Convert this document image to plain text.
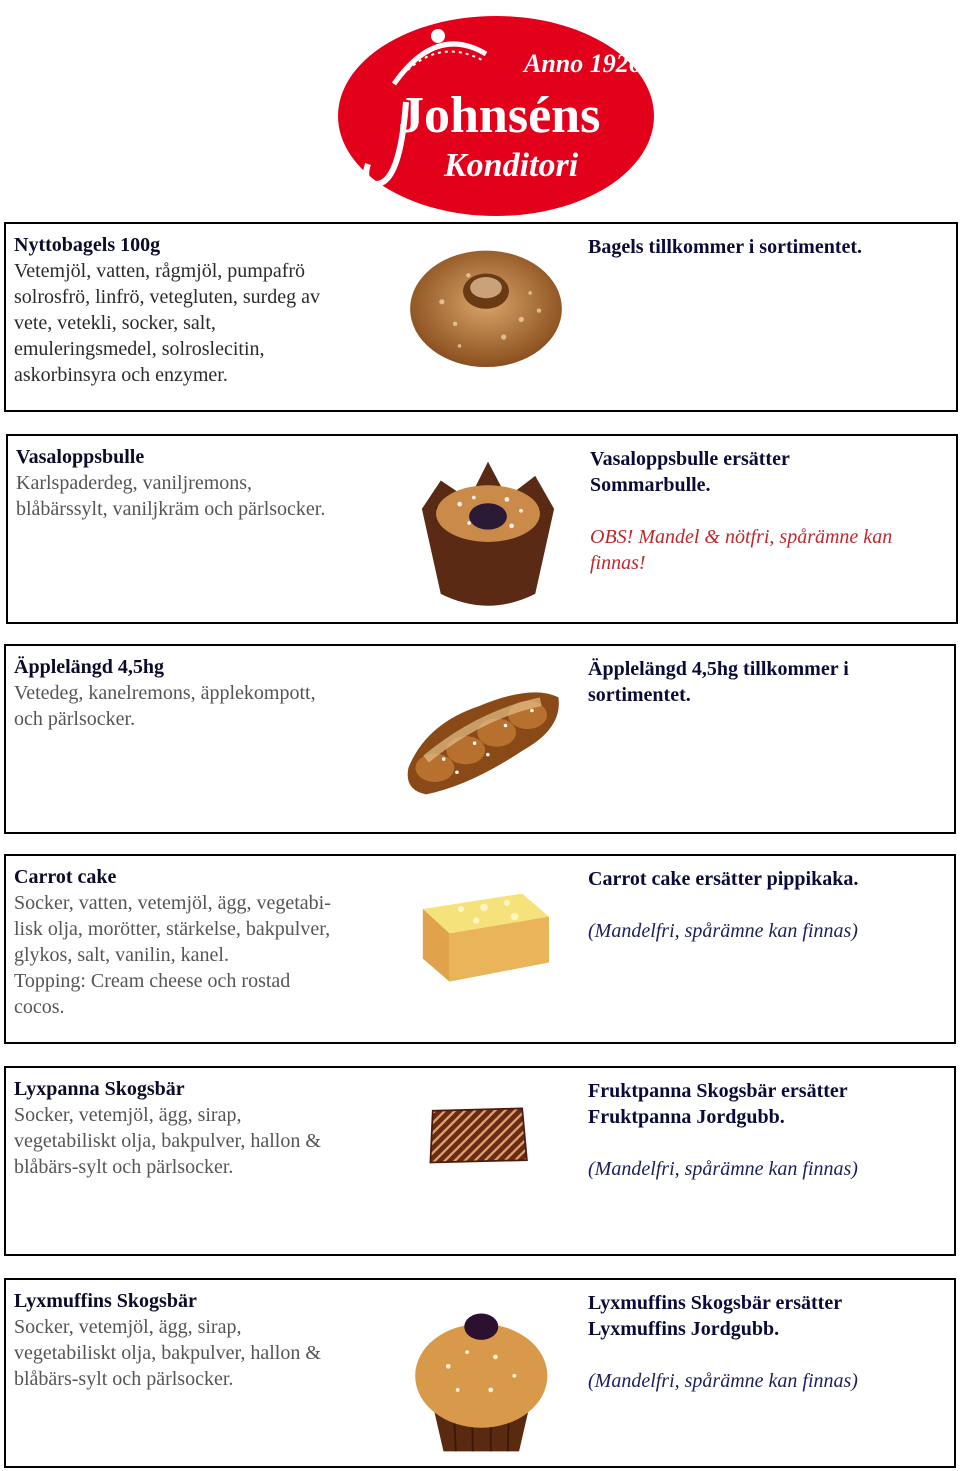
Anno 1926
Johnséns
Konditori
Nyttobagels 100g
Vetemjöl, vatten, rågmjöl, pumpafrö
solrosfrö, linfrö, vetegluten, surdeg av
vete, vetekli, socker, salt,
emuleringsmedel, solroslecitin,
askorbinsyra och enzymer.
Bagels tillkommer i sortimentet.
Vasaloppsbulle
Karlspaderdeg, vaniljremons,
blåbärssylt, vaniljkräm och pärlsocker.
Vasaloppsbulle ersätter
Sommarbulle.
OBS! Mandel & nötfri, spårämne kan
finnas!
Äpplelängd 4,5hg
Vetedeg, kanelremons, äpplekompott,
och pärlsocker.
Äpplelängd 4,5hg tillkommer i
sortimentet.
Carrot cake
Socker, vatten, vetemjöl, ägg, vegetabi-
lisk olja, morötter, stärkelse, bakpulver,
glykos, salt, vanilin, kanel.
Topping: Cream cheese och rostad
cocos.
Carrot cake ersätter pippikaka.
(Mandelfri, spårämne kan finnas)
Lyxpanna Skogsbär
Socker, vetemjöl, ägg, sirap,
vegetabiliskt olja, bakpulver, hallon &
blåbärs-sylt och pärlsocker.
Fruktpanna Skogsbär ersätter
Fruktpanna Jordgubb.
(Mandelfri, spårämne kan finnas)
Lyxmuffins Skogsbär
Socker, vetemjöl, ägg, sirap,
vegetabiliskt olja, bakpulver, hallon &
blåbärs-sylt och pärlsocker.
Lyxmuffins Skogsbär ersätter
Lyxmuffins Jordgubb.
(Mandelfri, spårämne kan finnas)
